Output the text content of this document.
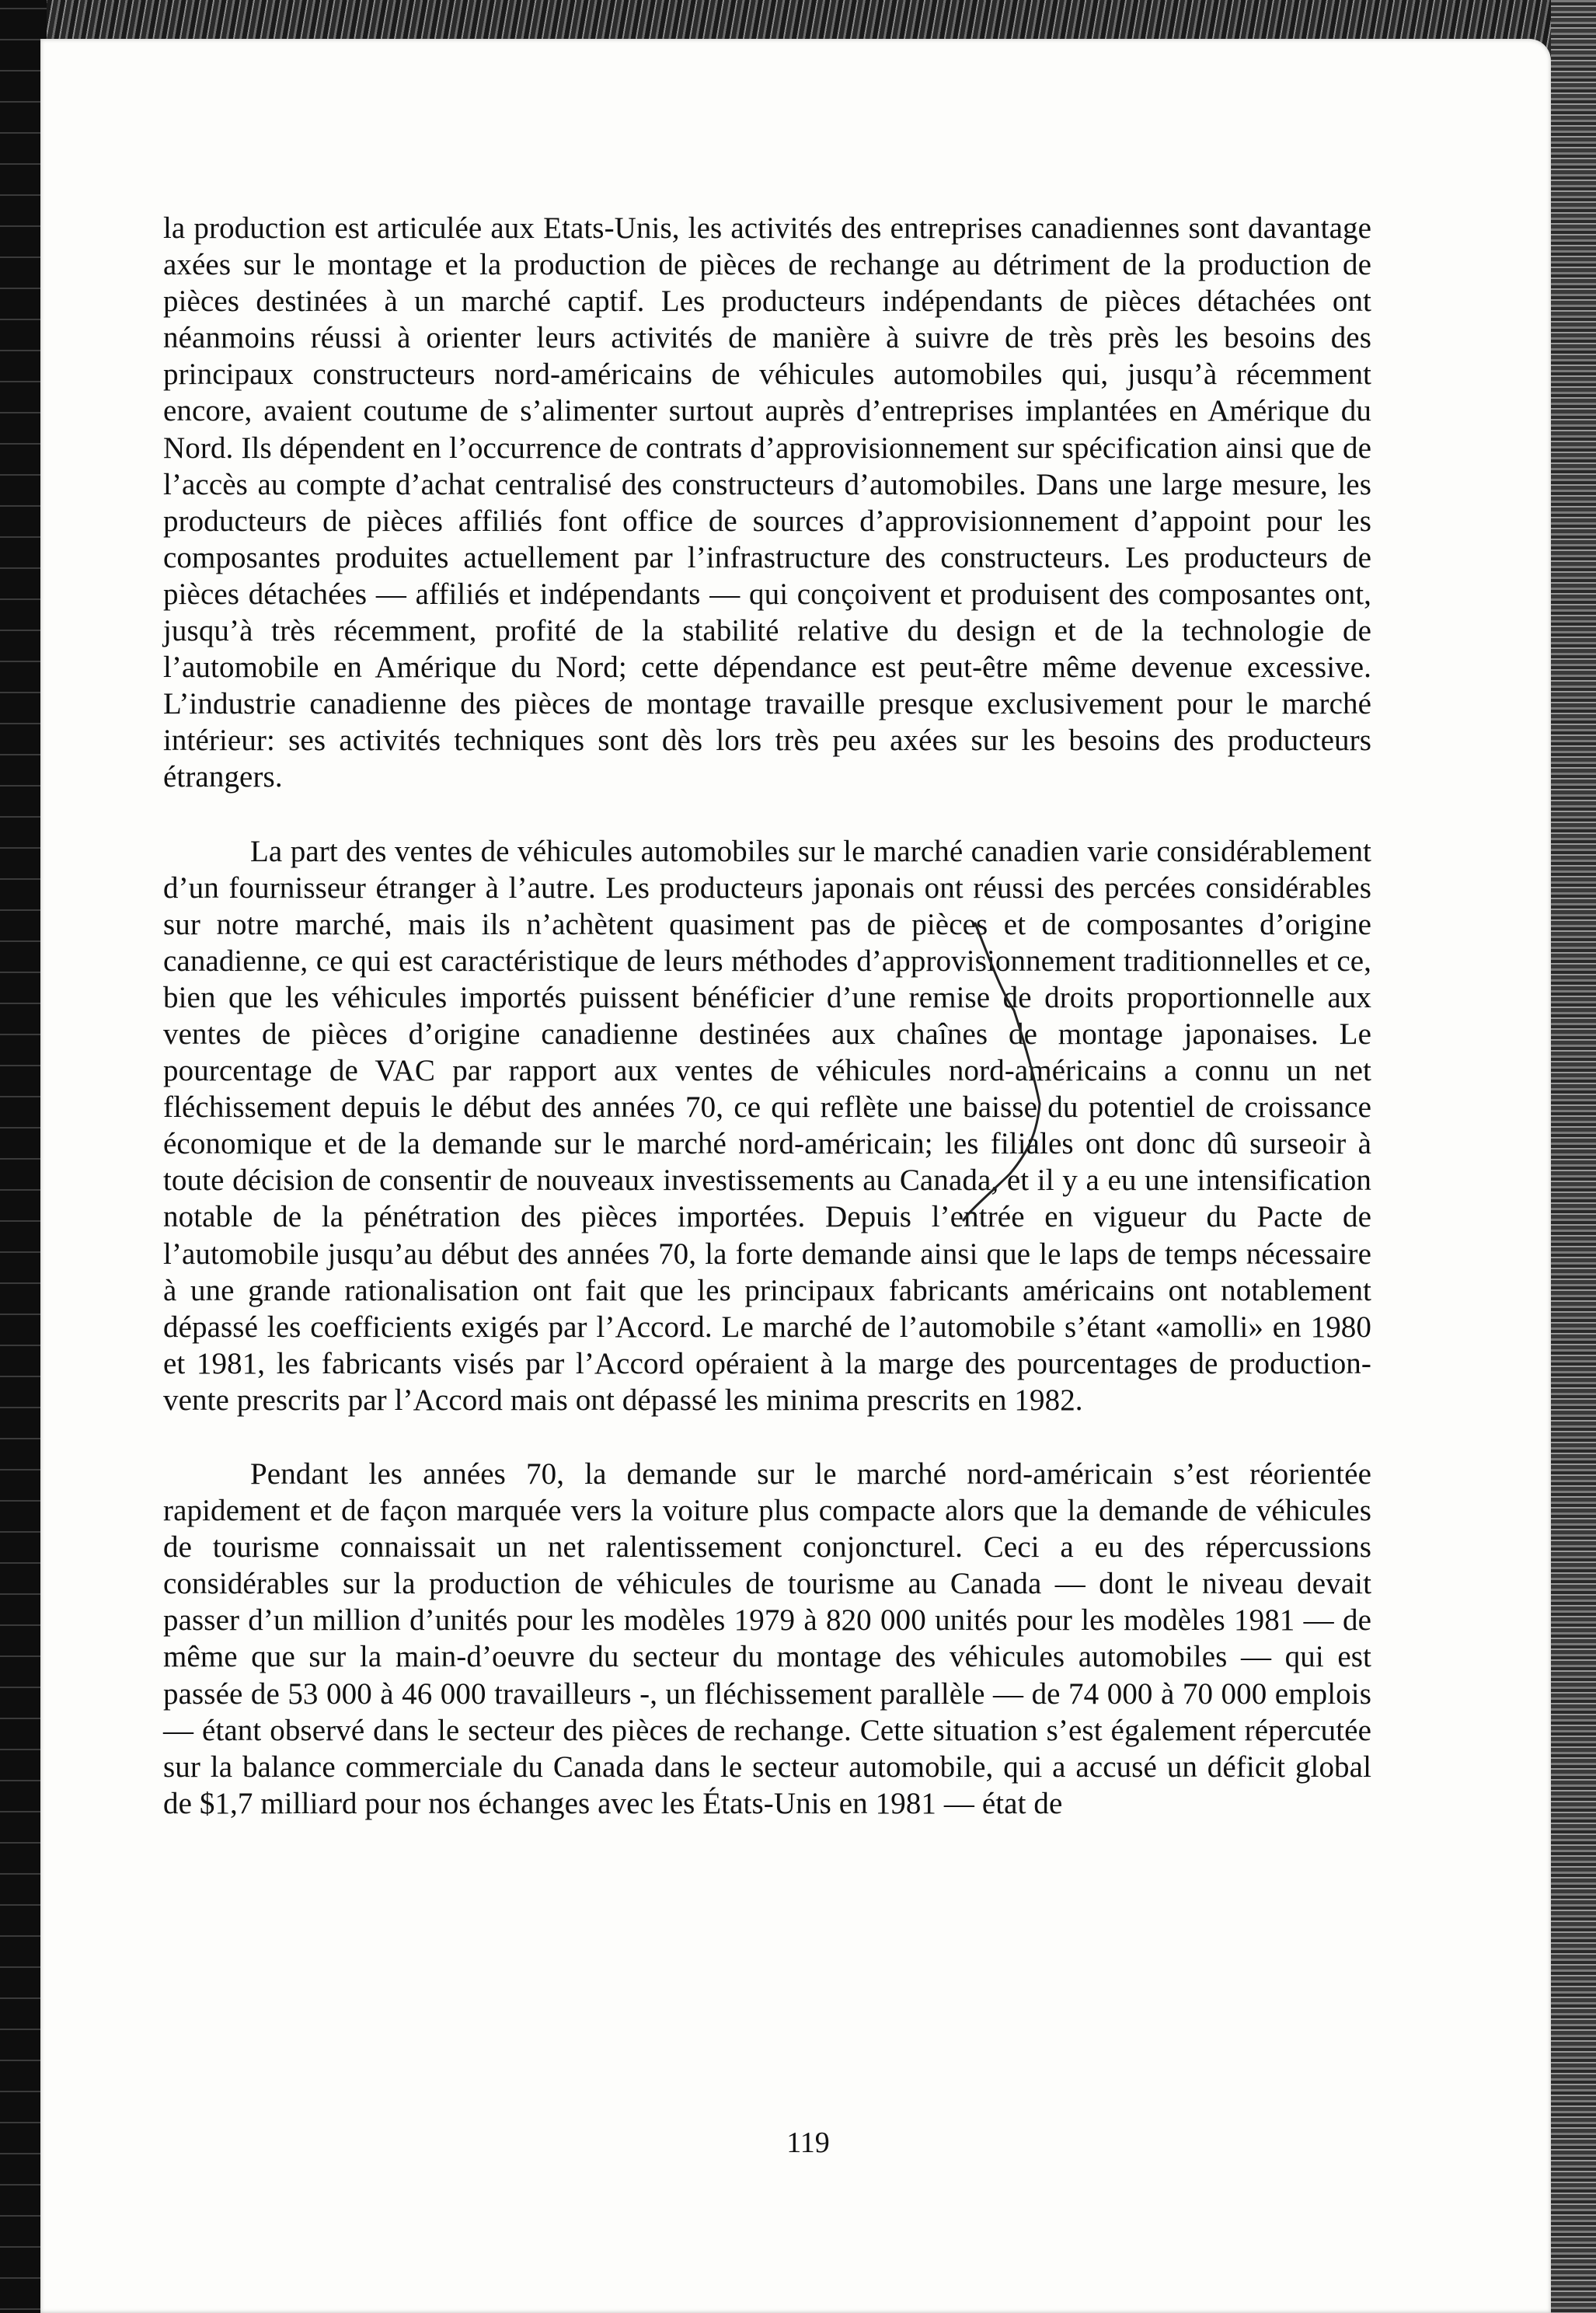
la production est articulée aux Etats-Unis, les activités des entreprises canadiennes sont davantage axées sur le montage et la production de pièces de rechange au détriment de la production de pièces destinées à un marché captif. Les producteurs indépendants de pièces détachées ont néanmoins réussi à orienter leurs activités de manière à suivre de très près les besoins des principaux constructeurs nord-américains de véhicules automobiles qui, jusqu’à récemment encore, avaient coutume de s’alimenter surtout auprès d’entreprises implantées en Amérique du Nord. Ils dépendent en l’occurrence de contrats d’approvisionnement sur spécification ainsi que de l’accès au compte d’achat centralisé des constructeurs d’automobiles. Dans une large mesure, les producteurs de pièces affiliés font office de sources d’approvisionnement d’appoint pour les composantes produites actuellement par l’infrastructure des constructeurs. Les producteurs de pièces détachées — affiliés et indépendants — qui conçoivent et produisent des composantes ont, jusqu’à très récemment, profité de la stabilité relative du design et de la technologie de l’automobile en Amérique du Nord; cette dépendance est peut-être même devenue excessive. L’industrie canadienne des pièces de montage travaille presque exclusivement pour le marché intérieur: ses activités techniques sont dès lors très peu axées sur les besoins des producteurs étrangers.

La part des ventes de véhicules automobiles sur le marché canadien varie considérablement d’un fournisseur étranger à l’autre. Les producteurs japonais ont réussi des percées considérables sur notre marché, mais ils n’achètent quasiment pas de pièces et de composantes d’origine canadienne, ce qui est caractéristique de leurs méthodes d’approvisionnement traditionnelles et ce, bien que les véhicules importés puissent bénéficier d’une remise de droits proportionnelle aux ventes de pièces d’origine canadienne destinées aux chaînes de montage japonaises. Le pourcentage de VAC par rapport aux ventes de véhicules nord-américains a connu un net fléchissement depuis le début des années 70, ce qui reflète une baisse du potentiel de croissance économique et de la demande sur le marché nord-américain; les filiales ont donc dû surseoir à toute décision de consentir de nouveaux investissements au Canada, et il y a eu une intensification notable de la pénétration des pièces importées. Depuis l’entrée en vigueur du Pacte de l’automobile jusqu’au début des années 70, la forte demande ainsi que le laps de temps nécessaire à une grande rationalisation ont fait que les principaux fabricants américains ont notablement dépassé les coefficients exigés par l’Accord. Le marché de l’automobile s’étant «amolli» en 1980 et 1981, les fabricants visés par l’Accord opéraient à la marge des pourcentages de production-vente prescrits par l’Accord mais ont dépassé les minima prescrits en 1982.

Pendant les années 70, la demande sur le marché nord-américain s’est réorientée rapidement et de façon marquée vers la voiture plus compacte alors que la demande de véhicules de tourisme connaissait un net ralentissement conjoncturel. Ceci a eu des répercussions considérables sur la production de véhicules de tourisme au Canada — dont le niveau devait passer d’un million d’unités pour les modèles 1979 à 820 000 unités pour les modèles 1981 — de même que sur la main-d’oeuvre du secteur du montage des véhicules automobiles — qui est passée de 53 000 à 46 000 travailleurs -, un fléchissement parallèle — de 74 000 à 70 000 emplois — étant observé dans le secteur des pièces de rechange. Cette situation s’est également répercutée sur la balance commerciale du Canada dans le secteur automobile, qui a accusé un déficit global de $1,7 milliard pour nos échanges avec les États-Unis en 1981 — état de

119
